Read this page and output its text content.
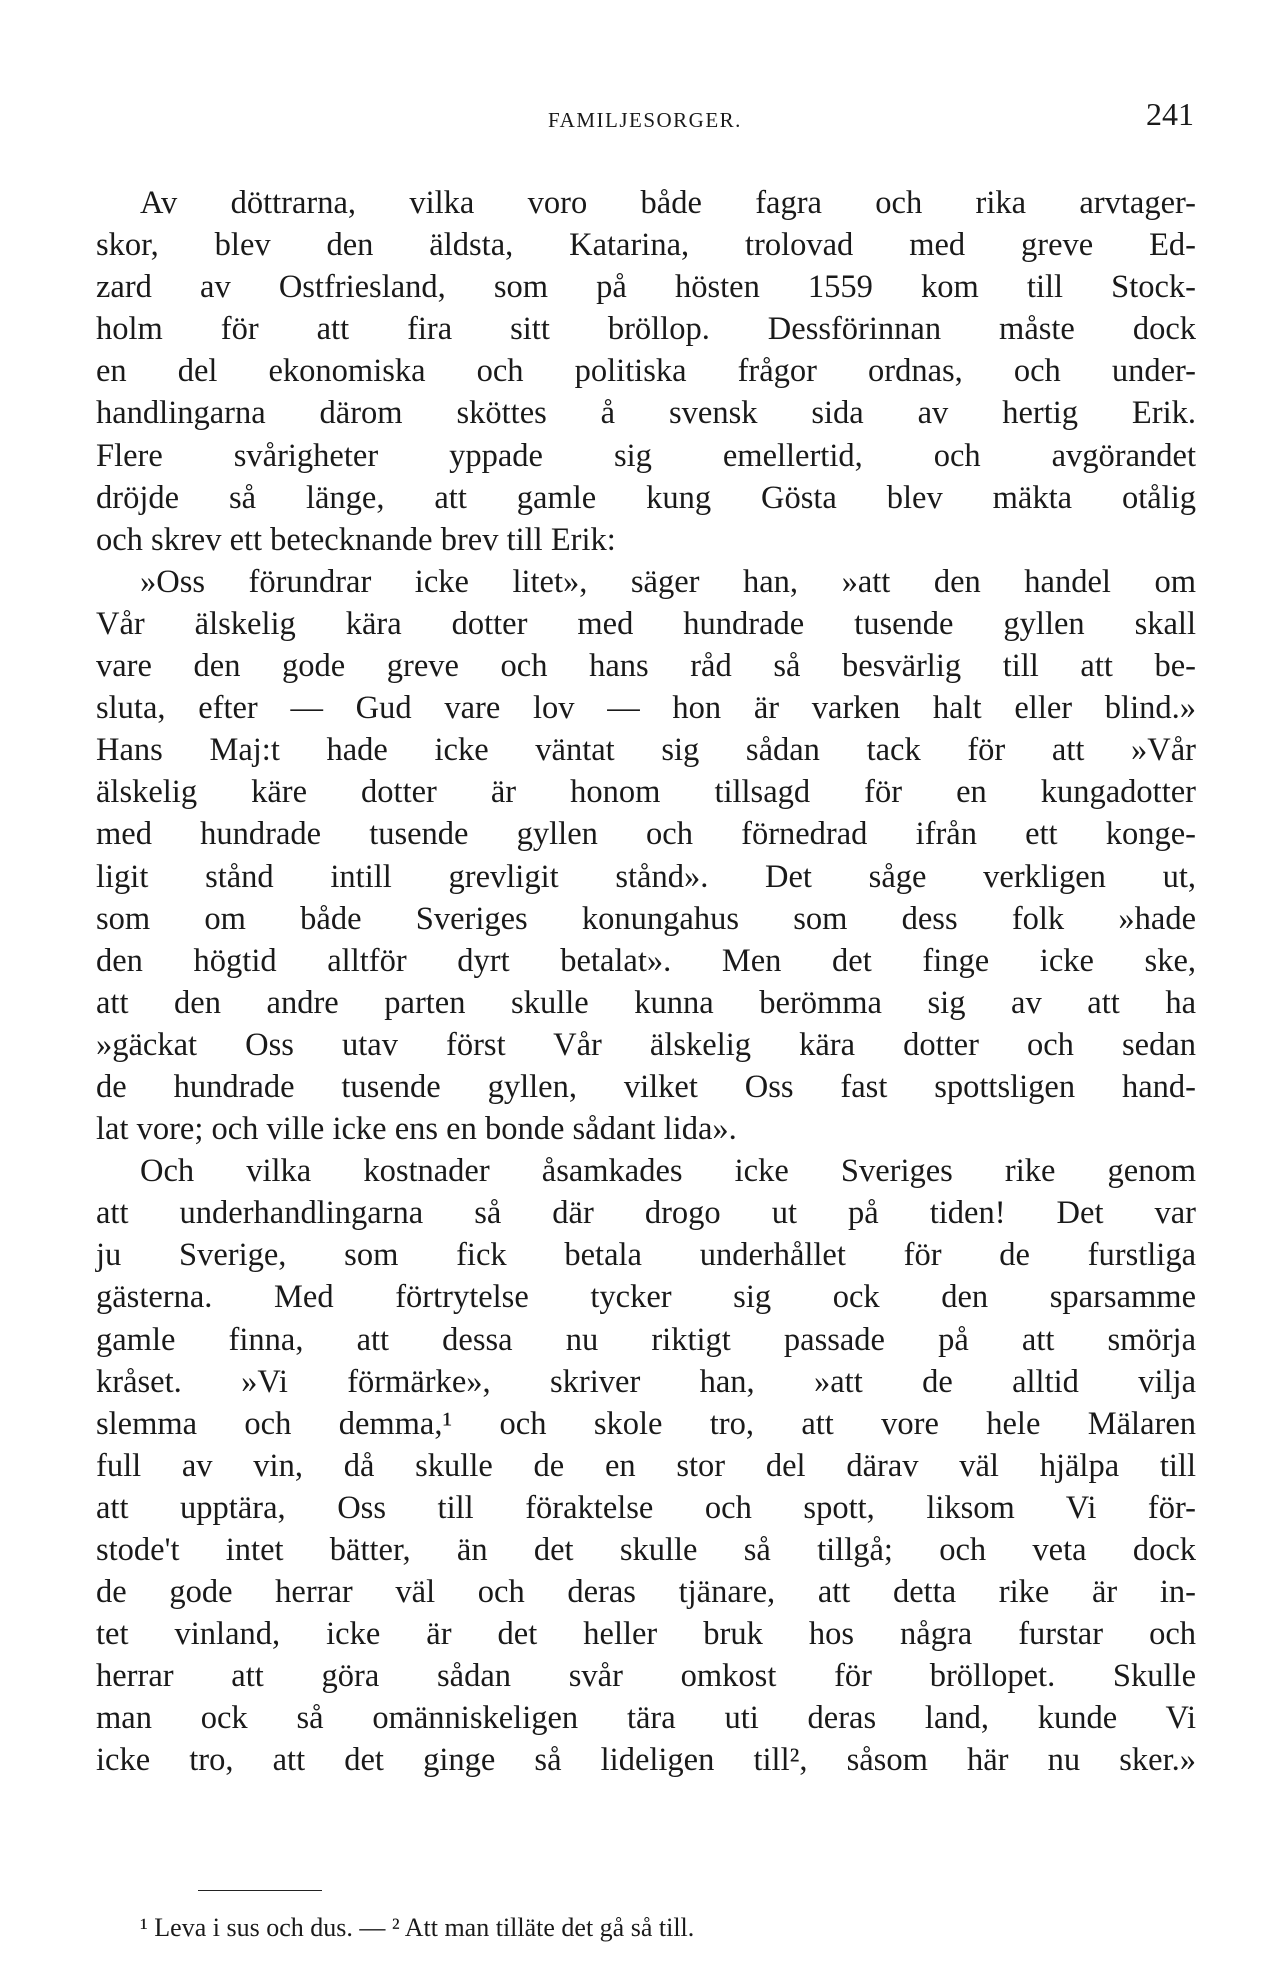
FAMILJESORGER.	241
Av döttrarna, vilka voro både fagra och rika arvtager-
skor, blev den äldsta, Katarina, trolovad med greve Ed-
zard av Ostfriesland, som på hösten 1559 kom till Stock-
holm för att fira sitt bröllop. Dessförinnan måste dock
en del ekonomiska och politiska frågor ordnas, och under-
handlingarna därom sköttes å svensk sida av hertig Erik.
Flere svårigheter yppade sig emellertid, och avgörandet
dröjde så länge, att gamle kung Gösta blev mäkta otålig
och skrev ett betecknande brev till Erik:
»Oss förundrar icke litet», säger han, »att den handel om
Vår älskelig kära dotter med hundrade tusende gyllen skall
vare den gode greve och hans råd så besvärlig till att be-
sluta, efter — Gud vare lov — hon är varken halt eller blind.»
Hans Maj:t hade icke väntat sig sådan tack för att »Vår
älskelig käre dotter är honom tillsagd för en kungadotter
med hundrade tusende gyllen och förnedrad ifrån ett konge-
ligit stånd intill grevligit stånd». Det såge verkligen ut,
som om både Sveriges konungahus som dess folk »hade
den högtid alltför dyrt betalat». Men det finge icke ske,
att den andre parten skulle kunna berömma sig av att ha
»gäckat Oss utav först Vår älskelig kära dotter och sedan
de hundrade tusende gyllen, vilket Oss fast spottsligen hand-
lat vore; och ville icke ens en bonde sådant lida».
Och vilka kostnader åsamkades icke Sveriges rike genom
att underhandlingarna så där drogo ut på tiden! Det var
ju Sverige, som fick betala underhållet för de furstliga
gästerna. Med förtrytelse tycker sig ock den sparsamme
gamle finna, att dessa nu riktigt passade på att smörja
kråset. »Vi förmärke», skriver han, »att de alltid vilja
slemma och demma,¹ och skole tro, att vore hele Mälaren
full av vin, då skulle de en stor del därav väl hjälpa till
att upptära, Oss till föraktelse och spott, liksom Vi för-
stode't intet bätter, än det skulle så tillgå; och veta dock
de gode herrar väl och deras tjänare, att detta rike är in-
tet vinland, icke är det heller bruk hos några furstar och
herrar att göra sådan svår omkost för bröllopet. Skulle
man ock så omänniskeligen tära uti deras land, kunde Vi
icke tro, att det ginge så lideligen till², såsom här nu sker.»
¹ Leva i sus och dus. — ² Att man tilläte det gå så till.
